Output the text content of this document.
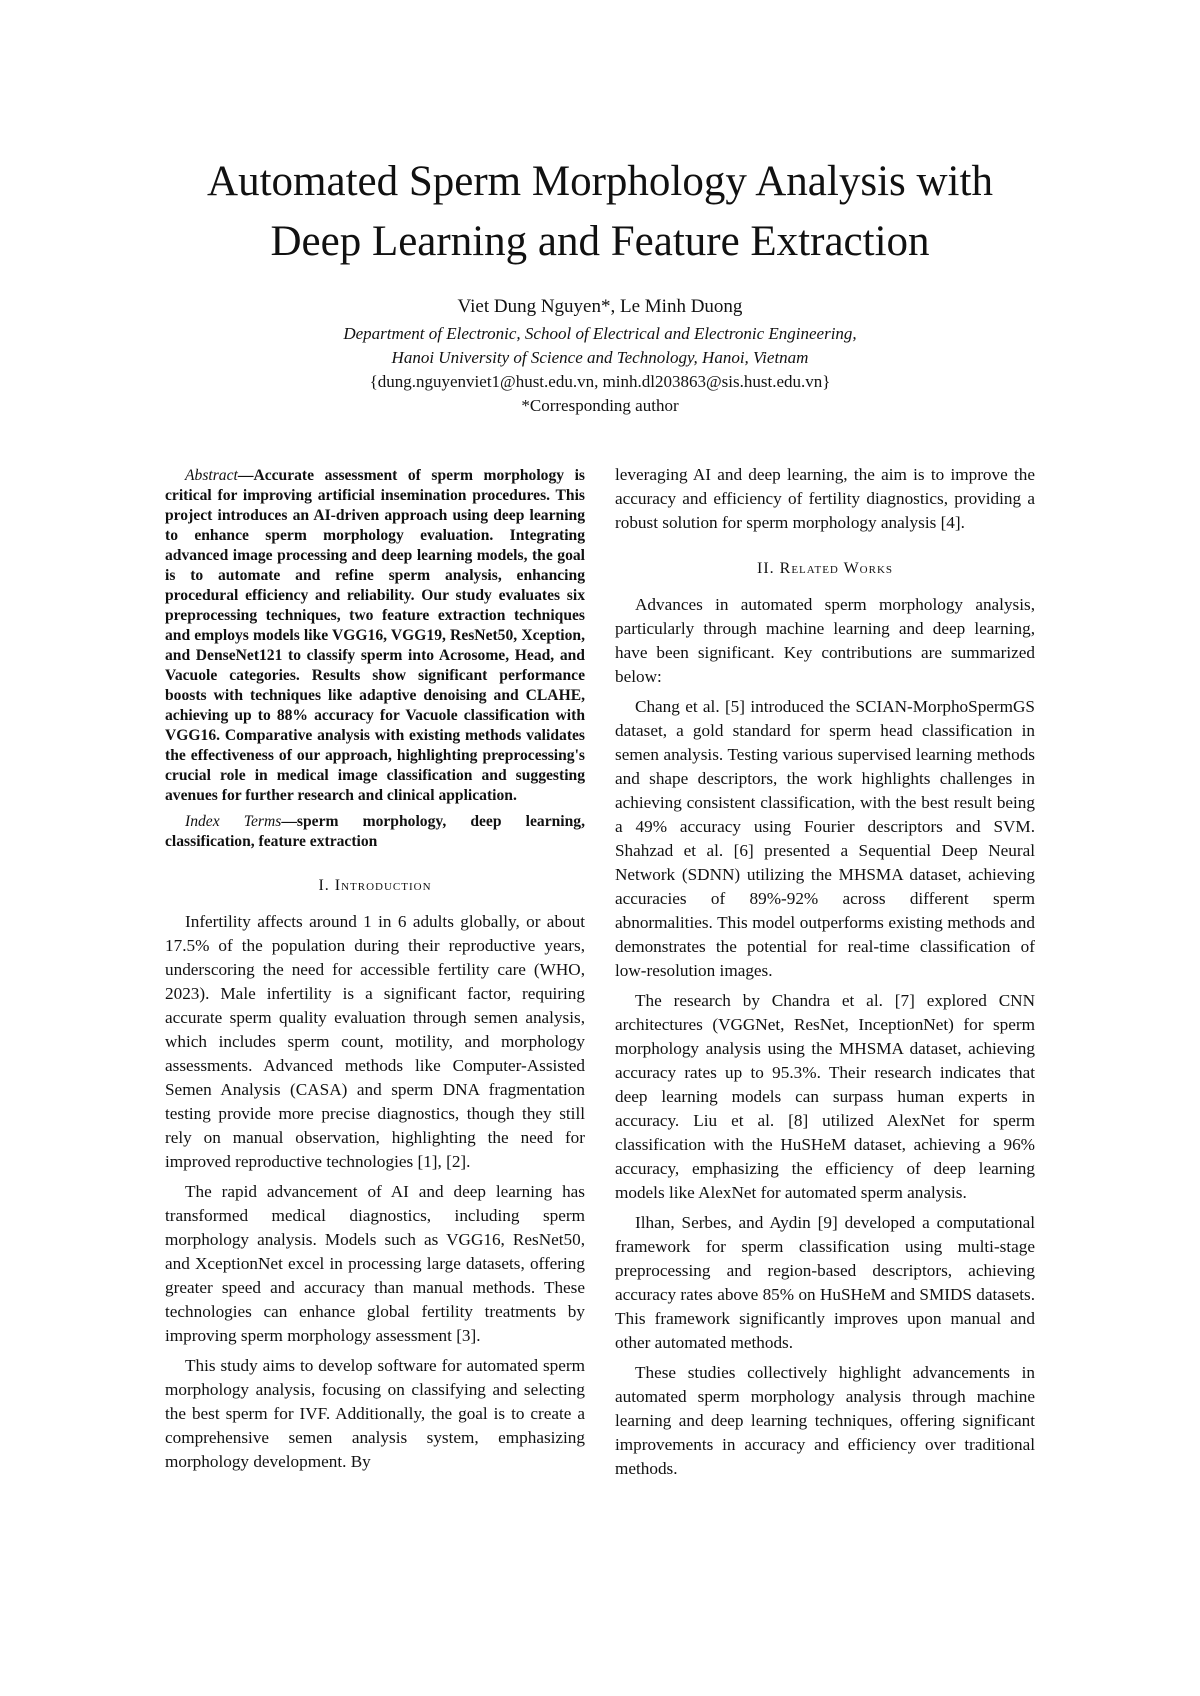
Automated Sperm Morphology Analysis with
Deep Learning and Feature Extraction
Viet Dung Nguyen*, Le Minh Duong
Department of Electronic, School of Electrical and Electronic Engineering,
Hanoi University of Science and Technology, Hanoi, Vietnam
{dung.nguyenviet1@hust.edu.vn, minh.dl203863@sis.hust.edu.vn}
*Corresponding author

Abstract—Accurate assessment of sperm morphology is critical for improving artificial insemination procedures. This project introduces an AI-driven approach using deep learning to enhance sperm morphology evaluation. Integrating advanced image processing and deep learning models, the goal is to automate and refine sperm analysis, enhancing procedural efficiency and reliability. Our study evaluates six preprocessing techniques, two feature extraction techniques and employs models like VGG16, VGG19, ResNet50, Xception, and DenseNet121 to classify sperm into Acrosome, Head, and Vacuole categories. Results show significant performance boosts with techniques like adaptive denoising and CLAHE, achieving up to 88% accuracy for Vacuole classification with VGG16. Comparative analysis with existing methods validates the effectiveness of our approach, highlighting preprocessing's crucial role in medical image classification and suggesting avenues for further research and clinical application.

Index Terms—sperm morphology, deep learning, classification, feature extraction

I. Introduction

Infertility affects around 1 in 6 adults globally, or about 17.5% of the population during their reproductive years, underscoring the need for accessible fertility care (WHO, 2023). Male infertility is a significant factor, requiring accurate sperm quality evaluation through semen analysis, which includes sperm count, motility, and morphology assessments. Advanced methods like Computer-Assisted Semen Analysis (CASA) and sperm DNA fragmentation testing provide more precise diagnostics, though they still rely on manual observation, highlighting the need for improved reproductive technologies [1], [2].

The rapid advancement of AI and deep learning has transformed medical diagnostics, including sperm morphology analysis. Models such as VGG16, ResNet50, and XceptionNet excel in processing large datasets, offering greater speed and accuracy than manual methods. These technologies can enhance global fertility treatments by improving sperm morphology assessment [3].

This study aims to develop software for automated sperm morphology analysis, focusing on classifying and selecting the best sperm for IVF. Additionally, the goal is to create a comprehensive semen analysis system, emphasizing morphology development. By

leveraging AI and deep learning, the aim is to improve the accuracy and efficiency of fertility diagnostics, providing a robust solution for sperm morphology analysis [4].

II. Related Works

Advances in automated sperm morphology analysis, particularly through machine learning and deep learning, have been significant. Key contributions are summarized below:

Chang et al. [5] introduced the SCIAN-MorphoSpermGS dataset, a gold standard for sperm head classification in semen analysis. Testing various supervised learning methods and shape descriptors, the work highlights challenges in achieving consistent classification, with the best result being a 49% accuracy using Fourier descriptors and SVM. Shahzad et al. [6] presented a Sequential Deep Neural Network (SDNN) utilizing the MHSMA dataset, achieving accuracies of 89%-92% across different sperm abnormalities. This model outperforms existing methods and demonstrates the potential for real-time classification of low-resolution images.

The research by Chandra et al. [7] explored CNN architectures (VGGNet, ResNet, InceptionNet) for sperm morphology analysis using the MHSMA dataset, achieving accuracy rates up to 95.3%. Their research indicates that deep learning models can surpass human experts in accuracy. Liu et al. [8] utilized AlexNet for sperm classification with the HuSHeM dataset, achieving a 96% accuracy, emphasizing the efficiency of deep learning models like AlexNet for automated sperm analysis.

Ilhan, Serbes, and Aydin [9] developed a computational framework for sperm classification using multi-stage preprocessing and region-based descriptors, achieving accuracy rates above 85% on HuSHeM and SMIDS datasets. This framework significantly improves upon manual and other automated methods.

These studies collectively highlight advancements in automated sperm morphology analysis through machine learning and deep learning techniques, offering significant improvements in accuracy and efficiency over traditional methods.
